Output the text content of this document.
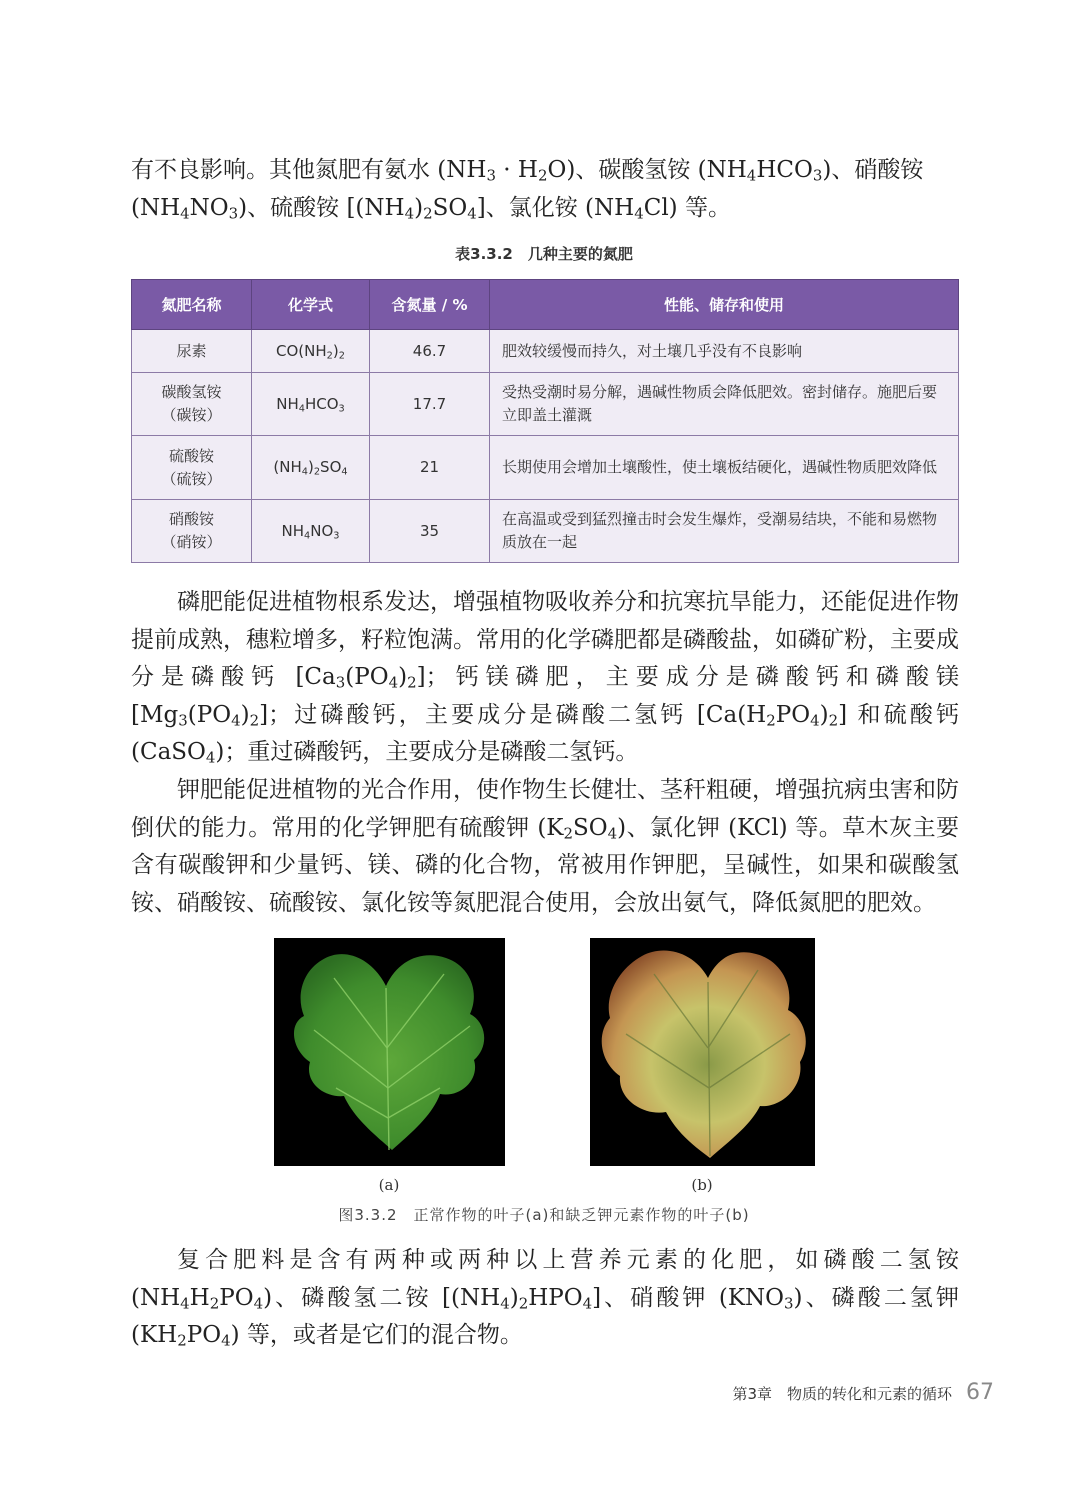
有不良影响。其他氮肥有氨水 $(NH_3 \cdot H_2O)$、碳酸氢铵 $(NH_4HCO_3)$、硝酸铵
$(NH_4NO_3)$、硫酸铵 $[(NH_4)_2SO_4]$、氯化铵 $(NH_4Cl)$ 等。

表3.3.2　几种主要的氮肥
氮肥名称	化学式	含氮量 / %	性能、储存和使用
尿素	$CO(NH_2)_2$	46.7	肥效较缓慢而持久，对土壤几乎没有不良影响
碳酸氢铵
（碳铵）	$NH_4HCO_3$	17.7	受热受潮时易分解，遇碱性物质会降低肥效。密封储存。施肥后要立即盖土灌溉
硫酸铵
（硫铵）	$(NH_4)_2SO_4$	21	长期使用会增加土壤酸性，使土壤板结硬化，遇碱性物质肥效降低
硝酸铵
（硝铵）	$NH_4NO_3$	35	在高温或受到猛烈撞击时会发生爆炸，受潮易结块，不能和易燃物质放在一起

磷肥能促进植物根系发达，增强植物吸收养分和抗寒抗旱能力，还能促进作物提前成熟，穗粒增多，籽粒饱满。常用的化学磷肥都是磷酸盐，如磷矿粉，主要成分是磷酸钙 $[Ca_3(PO_4)_2]$；钙镁磷肥，主要成分是磷酸钙和磷酸镁 $[Mg_3(PO_4)_2]$；过磷酸钙，主要成分是磷酸二氢钙 $[Ca(H_2PO_4)_2]$ 和硫酸钙 (CaSO$_4$)；重过磷酸钙，主要成分是磷酸二氢钙。

钾肥能促进植物的光合作用，使作物生长健壮、茎秆粗硬，增强抗病虫害和防倒伏的能力。常用的化学钾肥有硫酸钾 $(K_2SO_4)$、氯化钾 (KCl) 等。草木灰主要含有碳酸钾和少量钙、镁、磷的化合物，常被用作钾肥，呈碱性，如果和碳酸氢铵、硝酸铵、硫酸铵、氯化铵等氮肥混合使用，会放出氨气，降低氮肥的肥效。

(a)	(b)
图3.3.2　正常作物的叶子(a)和缺乏钾元素作物的叶子(b)

复合肥料是含有两种或两种以上营养元素的化肥，如磷酸二氢铵 $(NH_4H_2PO_4)$、磷酸氢二铵 $[(NH_4)_2HPO_4]$、硝酸钾 $(KNO_3)$、磷酸二氢钾 $(KH_2PO_4)$ 等，或者是它们的混合物。

第3章　物质的转化和元素的循环 67
